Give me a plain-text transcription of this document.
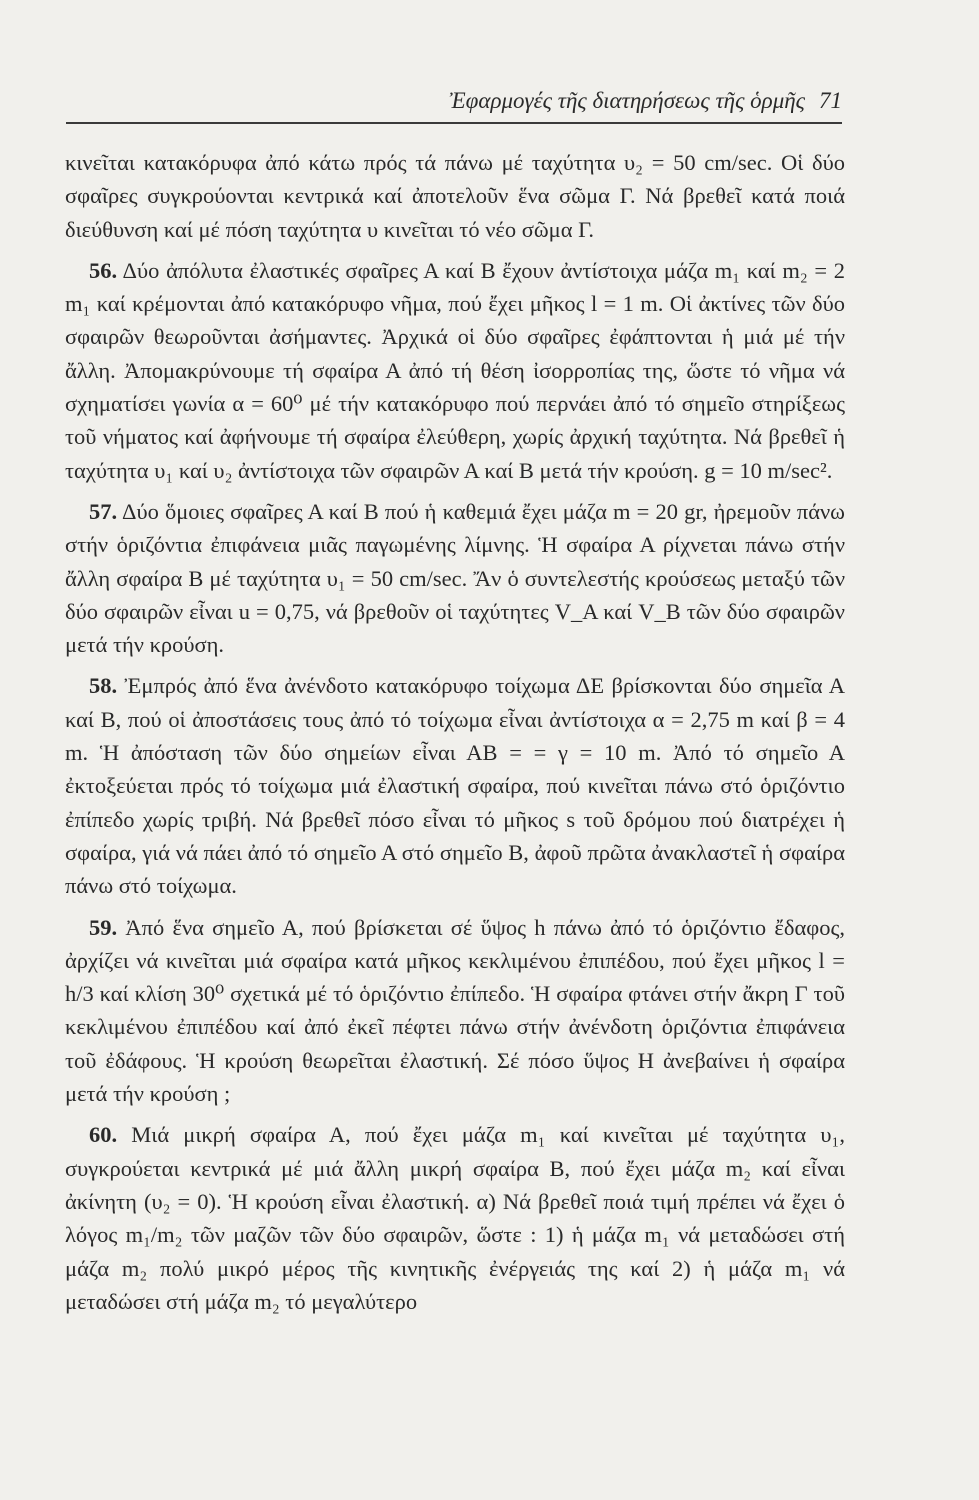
Ἐφαρμογές τῆς διατηρήσεως τῆς ὁρμῆς 71

κινεῖται κατακόρυφα ἀπό κάτω πρός τά πάνω μέ ταχύτητα υ₂ = 50 cm/sec. Οἱ δύο σφαῖρες συγκρούονται κεντρικά καί ἀποτελοῦν ἕνα σῶμα Γ. Νά βρεθεῖ κατά ποιά διεύθυνση καί μέ πόση ταχύτητα υ κινεῖται τό νέο σῶμα Γ.

56. Δύο ἀπόλυτα ἐλαστικές σφαῖρες Α καί Β ἔχουν ἀντίστοιχα μάζα m₁ καί m₂ = 2 m₁ καί κρέμονται ἀπό κατακόρυφο νῆμα, πού ἔχει μῆκος l = 1 m. Οἱ ἀκτίνες τῶν δύο σφαιρῶν θεωροῦνται ἀσήμαντες. Ἀρχικά οἱ δύο σφαῖρες ἐφάπτονται ἡ μιά μέ τήν ἄλλη. Ἀπομακρύνουμε τή σφαίρα Α ἀπό τή θέση ἰσορροπίας της, ὥστε τό νῆμα νά σχηματίσει γωνία α = 60⁰ μέ τήν κατακόρυφο πού περνάει ἀπό τό σημεῖο στηρίξεως τοῦ νήματος καί ἀφήνουμε τή σφαίρα ἐλεύθερη, χωρίς ἀρχική ταχύτητα. Νά βρεθεῖ ἡ ταχύτητα υ₁ καί υ₂ ἀντίστοιχα τῶν σφαιρῶν Α καί Β μετά τήν κρούση. g = 10 m/sec².

57. Δύο ὅμοιες σφαῖρες Α καί Β πού ἡ καθεμιά ἔχει μάζα m = 20 gr, ἠρεμοῦν πάνω στήν ὁριζόντια ἐπιφάνεια μιᾶς παγωμένης λίμνης. Ἡ σφαίρα Α ρίχνεται πάνω στήν ἄλλη σφαίρα Β μέ ταχύτητα υ₁ = 50 cm/sec. Ἄν ὁ συντελεστής κρούσεως μεταξύ τῶν δύο σφαιρῶν εἶναι u = 0,75, νά βρεθοῦν οἱ ταχύτητες V_A καί V_B τῶν δύο σφαιρῶν μετά τήν κρούση.

58. Ἐμπρός ἀπό ἕνα ἀνένδοτο κατακόρυφο τοίχωμα ΔΕ βρίσκονται δύο σημεῖα Α καί Β, πού οἱ ἀποστάσεις τους ἀπό τό τοίχωμα εἶναι ἀντίστοιχα α = 2,75 m καί β = 4 m. Ἡ ἀπόσταση τῶν δύο σημείων εἶναι ΑΒ = = γ = 10 m. Ἀπό τό σημεῖο Α ἐκτοξεύεται πρός τό τοίχωμα μιά ἐλαστική σφαίρα, πού κινεῖται πάνω στό ὁριζόντιο ἐπίπεδο χωρίς τριβή. Νά βρεθεῖ πόσο εἶναι τό μῆκος s τοῦ δρόμου πού διατρέχει ἡ σφαίρα, γιά νά πάει ἀπό τό σημεῖο Α στό σημεῖο Β, ἀφοῦ πρῶτα ἀνακλαστεῖ ἡ σφαίρα πάνω στό τοίχωμα.

59. Ἀπό ἕνα σημεῖο Α, πού βρίσκεται σέ ὕψος h πάνω ἀπό τό ὁριζόντιο ἔδαφος, ἀρχίζει νά κινεῖται μιά σφαίρα κατά μῆκος κεκλιμένου ἐπιπέδου, πού ἔχει μῆκος l = h/3 καί κλίση 30⁰ σχετικά μέ τό ὁριζόντιο ἐπίπεδο. Ἡ σφαίρα φτάνει στήν ἄκρη Γ τοῦ κεκλιμένου ἐπιπέδου καί ἀπό ἐκεῖ πέφτει πάνω στήν ἀνένδοτη ὁριζόντια ἐπιφάνεια τοῦ ἐδάφους. Ἡ κρούση θεωρεῖται ἐλαστική. Σέ πόσο ὕψος Η ἀνεβαίνει ἡ σφαίρα μετά τήν κρούση ;

60. Μιά μικρή σφαίρα Α, πού ἔχει μάζα m₁ καί κινεῖται μέ ταχύτητα υ₁, συγκρούεται κεντρικά μέ μιά ἄλλη μικρή σφαίρα Β, πού ἔχει μάζα m₂ καί εἶναι ἀκίνητη (υ₂ = 0). Ἡ κρούση εἶναι ἐλαστική. α) Νά βρεθεῖ ποιά τιμή πρέπει νά ἔχει ὁ λόγος m₁/m₂ τῶν μαζῶν τῶν δύο σφαιρῶν, ὥστε : 1) ἡ μάζα m₁ νά μεταδώσει στή μάζα m₂ πολύ μικρό μέρος τῆς κινητικῆς ἐνέργειάς της καί 2) ἡ μάζα m₁ νά μεταδώσει στή μάζα m₂ τό μεγαλύτερο
